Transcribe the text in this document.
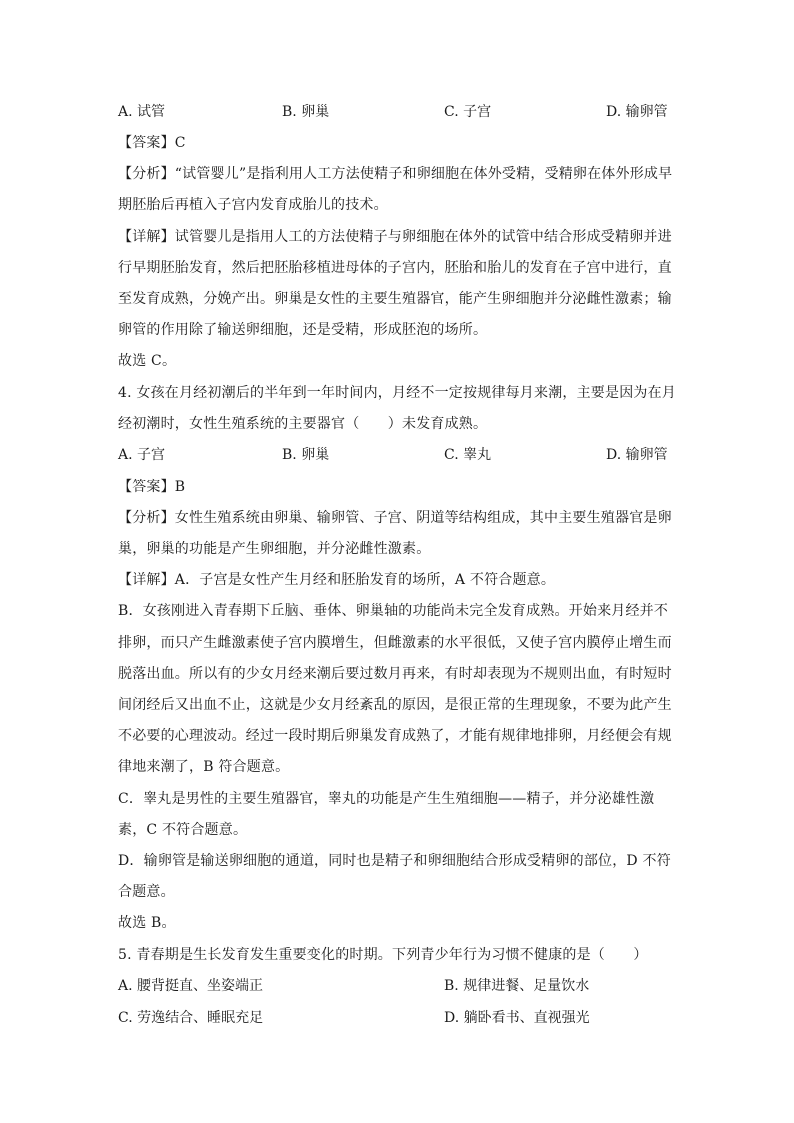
A. 试管	B. 卵巢	C. 子宫	D. 输卵管
【答案】C
【分析】“试管婴儿”是指利用人工方法使精子和卵细胞在体外受精，受精卵在体外形成早
期胚胎后再植入子宫内发育成胎儿的技术。
【详解】试管婴儿是指用人工的方法使精子与卵细胞在体外的试管中结合形成受精卵并进
行早期胚胎发育，然后把胚胎移植进母体的子宫内，胚胎和胎儿的发育在子宫中进行，直
至发育成熟，分娩产出。卵巢是女性的主要生殖器官，能产生卵细胞并分泌雌性激素；输
卵管的作用除了输送卵细胞，还是受精，形成胚泡的场所。
故选 C。
4. 女孩在月经初潮后的半年到一年时间内，月经不一定按规律每月来潮，主要是因为在月
经初潮时，女性生殖系统的主要器官（　　）未发育成熟。
A. 子宫	B. 卵巢	C. 睾丸	D. 输卵管
【答案】B
【分析】女性生殖系统由卵巢、输卵管、子宫、阴道等结构组成，其中主要生殖器官是卵
巢，卵巢的功能是产生卵细胞，并分泌雌性激素。
【详解】A．子宫是女性产生月经和胚胎发育的场所，A 不符合题意。
B．女孩刚进入青春期下丘脑、垂体、卵巢轴的功能尚未完全发育成熟。开始来月经并不
排卵，而只产生雌激素使子宫内膜增生，但雌激素的水平很低，又使子宫内膜停止增生而
脱落出血。所以有的少女月经来潮后要过数月再来，有时却表现为不规则出血，有时短时
间闭经后又出血不止，这就是少女月经紊乱的原因，是很正常的生理现象，不要为此产生
不必要的心理波动。经过一段时期后卵巢发育成熟了，才能有规律地排卵，月经便会有规
律地来潮了，B 符合题意。
C．睾丸是男性的主要生殖器官，睾丸的功能是产生生殖细胞——精子，并分泌雄性激
素，C 不符合题意。
D．输卵管是输送卵细胞的通道，同时也是精子和卵细胞结合形成受精卵的部位，D 不符
合题意。
故选 B。
5. 青春期是生长发育发生重要变化的时期。下列青少年行为习惯不健康的是（　　）
A. 腰背挺直、坐姿端正	B. 规律进餐、足量饮水
C. 劳逸结合、睡眠充足	D. 躺卧看书、直视强光
